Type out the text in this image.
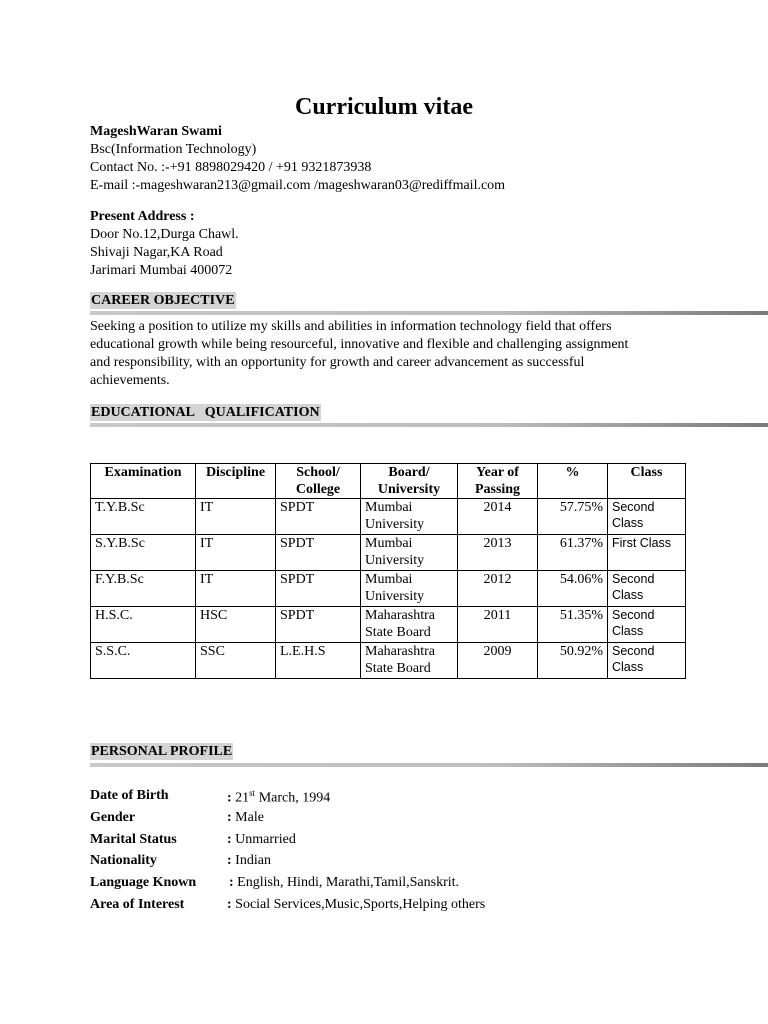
Curriculum vitae
MageshWaran Swami
Bsc(Information Technology)
Contact No. :-+91 8898029420 / +91 9321873938
E-mail :-mageshwaran213@gmail.com /mageshwaran03@rediffmail.com
Present Address :
Door No.12,Durga Chawl.
Shivaji Nagar,KA Road
Jarimari Mumbai 400072
CAREER OBJECTIVE
Seeking a position to utilize my skills and abilities in information technology field that offers
educational growth while being resourceful, innovative and flexible and challenging assignment
and responsibility, with an opportunity for growth and career advancement as successful
achievements.
EDUCATIONAL   QUALIFICATION
Examination	Discipline	School/ College	Board/ University	Year of Passing	%	Class
T.Y.B.Sc	IT	SPDT	Mumbai University	2014	57.75%	Second Class
S.Y.B.Sc	IT	SPDT	Mumbai University	2013	61.37%	First Class
F.Y.B.Sc	IT	SPDT	Mumbai University	2012	54.06%	Second Class
H.S.C.	HSC	SPDT	Maharashtra State Board	2011	51.35%	Second Class
S.S.C.	SSC	L.E.H.S	Maharashtra State Board	2009	50.92%	Second Class
PERSONAL PROFILE
Date of Birth	: 21st March, 1994
Gender	: Male
Marital Status	: Unmarried
Nationality	: Indian
Language Known : English, Hindi, Marathi,Tamil,Sanskrit.
Area of Interest	: Social Services,Music,Sports,Helping others
